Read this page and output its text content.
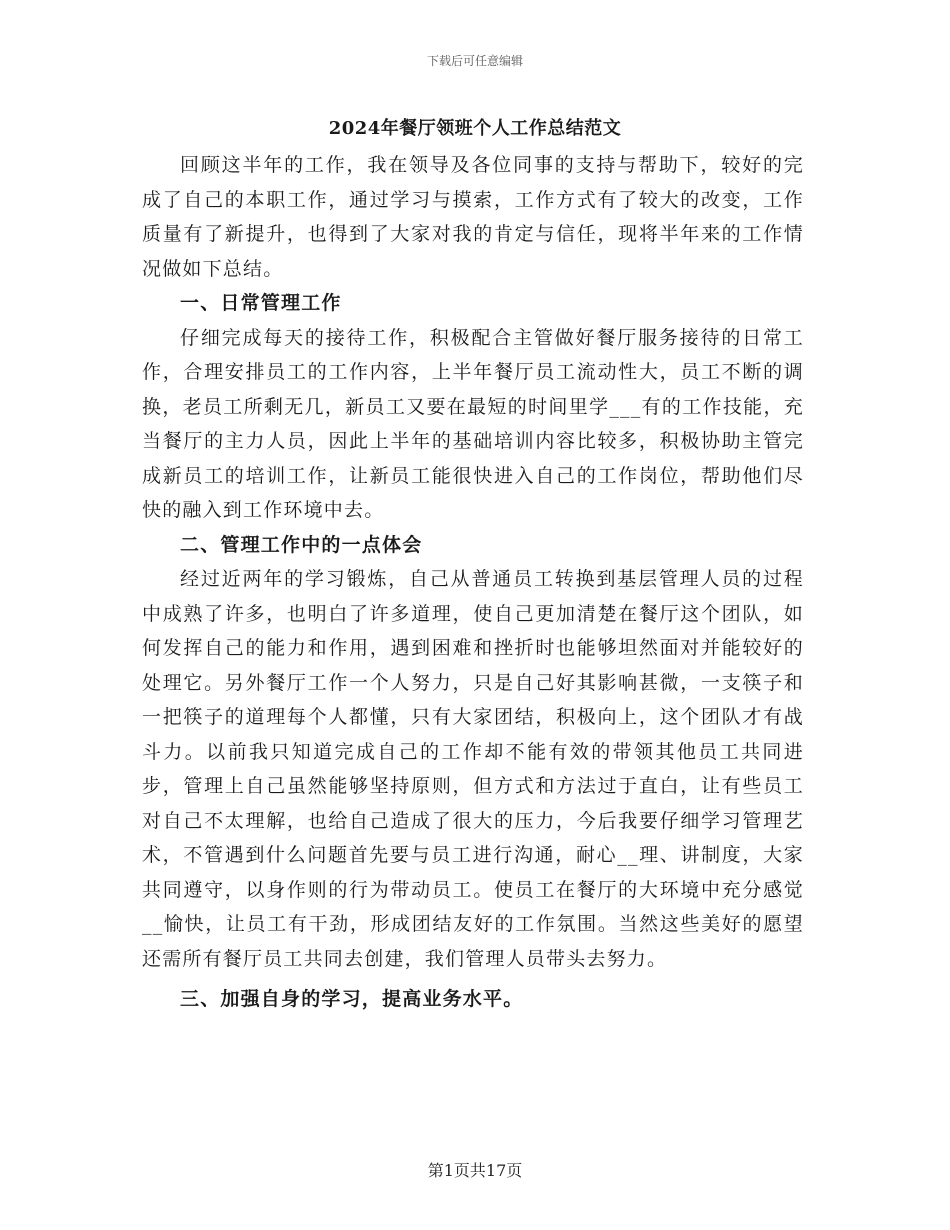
下载后可任意编辑
2024年餐厅领班个人工作总结范文

回顾这半年的工作，我在领导及各位同事的支持与帮助下，较好的完成了自己的本职工作，通过学习与摸索，工作方式有了较大的改变，工作质量有了新提升，也得到了大家对我的肯定与信任，现将半年来的工作情况做如下总结。

一、日常管理工作

仔细完成每天的接待工作，积极配合主管做好餐厅服务接待的日常工作，合理安排员工的工作内容，上半年餐厅员工流动性大，员工不断的调换，老员工所剩无几，新员工又要在最短的时间里学___有的工作技能，充当餐厅的主力人员，因此上半年的基础培训内容比较多，积极协助主管完成新员工的培训工作，让新员工能很快进入自己的工作岗位，帮助他们尽快的融入到工作环境中去。

二、管理工作中的一点体会

经过近两年的学习锻炼，自己从普通员工转换到基层管理人员的过程中成熟了许多，也明白了许多道理，使自己更加清楚在餐厅这个团队，如何发挥自己的能力和作用，遇到困难和挫折时也能够坦然面对并能较好的处理它。另外餐厅工作一个人努力，只是自己好其影响甚微，一支筷子和一把筷子的道理每个人都懂，只有大家团结，积极向上，这个团队才有战斗力。以前我只知道完成自己的工作却不能有效的带领其他员工共同进步，管理上自己虽然能够坚持原则，但方式和方法过于直白，让有些员工对自己不太理解，也给自己造成了很大的压力，今后我要仔细学习管理艺术，不管遇到什么问题首先要与员工进行沟通，耐心__理、讲制度，大家共同遵守，以身作则的行为带动员工。使员工在餐厅的大环境中充分感觉__愉快，让员工有干劲，形成团结友好的工作氛围。当然这些美好的愿望还需所有餐厅员工共同去创建，我们管理人员带头去努力。

三、加强自身的学习，提高业务水平。

第1页共17页
